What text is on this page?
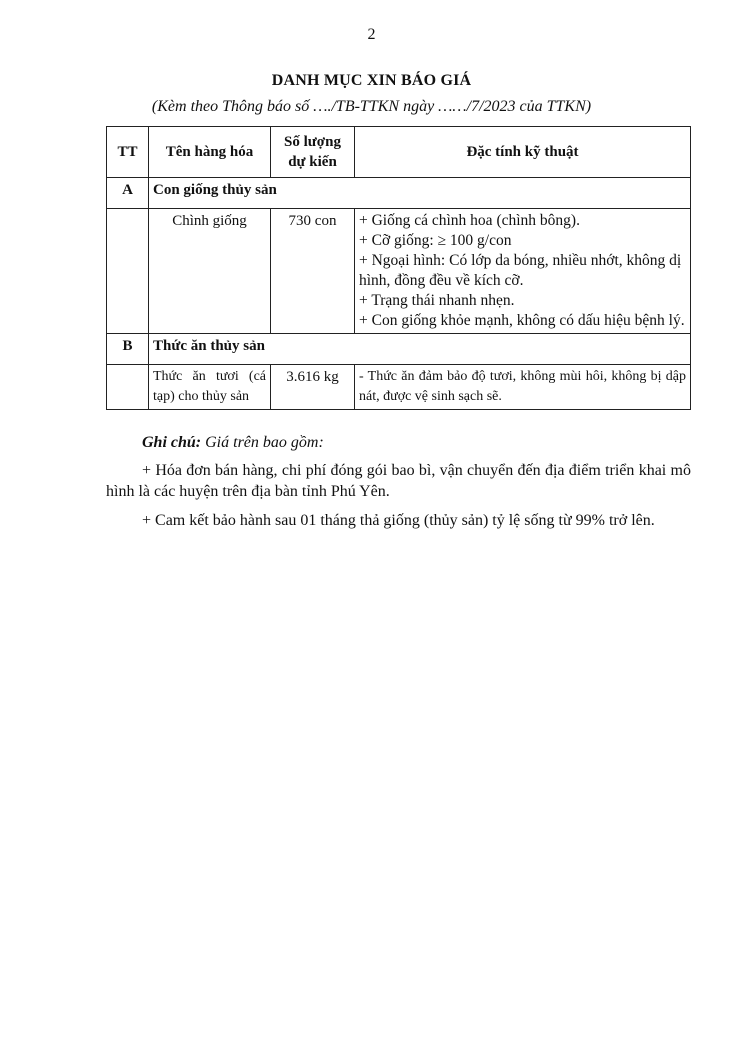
2
DANH MỤC XIN BÁO GIÁ
(Kèm theo Thông báo số …./TB-TTKN ngày ……/7/2023 của TTKN)
TT	Tên hàng hóa	Số lượng dự kiến	Đặc tính kỹ thuật
A	Con giống thủy sản		
	Chình giống	730 con	+ Giống cá chình hoa (chình bông).
+ Cỡ giống: ≥ 100 g/con
+ Ngoại hình: Có lớp da bóng, nhiều nhớt, không dị hình, đồng đều về kích cỡ.
+ Trạng thái nhanh nhẹn.
+ Con giống khỏe mạnh, không có dấu hiệu bệnh lý.

B	Thức ăn thủy sản		
	Thức ăn tươi (cá tạp) cho thủy sản	3.616 kg	- Thức ăn đảm bảo độ tươi, không mùi hôi, không bị dập nát, được vệ sinh sạch sẽ.

Ghi chú: Giá trên bao gồm:

+ Hóa đơn bán hàng, chi phí đóng gói bao bì, vận chuyển đến địa điểm triển khai mô hình là các huyện trên địa bàn tỉnh Phú Yên.

+ Cam kết bảo hành sau 01 tháng thả giống (thủy sản) tỷ lệ sống từ 99% trở lên.
